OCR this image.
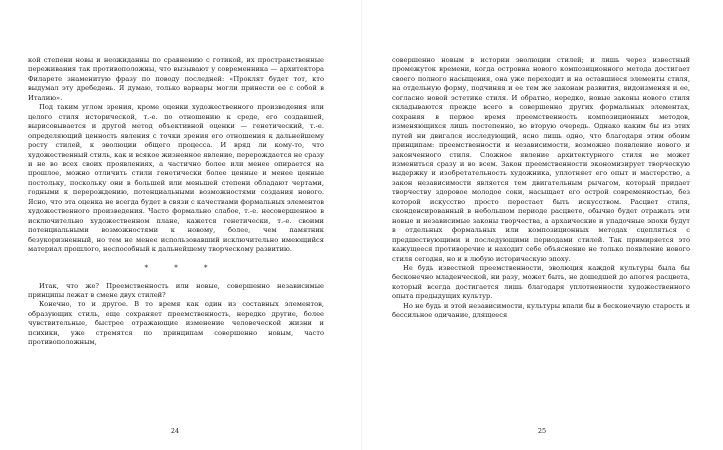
кой степени новы и неожиданны по сравнению с готикой, их пространственные переживания так противоположны, что вызывают у современника — архитектора Филарете знаменитую фразу по поводу последней: «Проклят будет тот, кто выдумал эту дребедень. Я думаю, только варвары могли принести ее с собой в Италию».

Под таким углом зрения, кроме оценки художественного произведения или целого стиля исторической, т.-е. по отношению к среде, его создавшей, вырисовывается и другой метод объективной оценки — генетический, т.-е. определяющий ценность явления с точки зрения его отношения к дальнейшему росту стилей, к эволюции общего процесса. И вряд ли кому-то, что художественный стиль, как и всякое жизненное явление, перерождается не сразу и не во всех своих проявлениях, а частично более или менее опирается на прошлое, можно отличить стили генетически более ценные и менее ценные постольку, поскольку они в большей или меньшей степени обладают чертами, годными к перерождению, потенциальными возможностями создания нового. Ясно, что эта оценка не всегда будет в связи с качествами формальных элементов художественного произведения. Часто формально слабое, т.-е. несовершенное в исключительно художественном плане, кажется генетически, т.-е. своими потенциальными возможностями к новому, более, чем памятник безукоризненный, но тем не менее использовавший исключительно имеющийся материал прошлого, неспособный к дальнейшему творческому развитию.

* * *

Итак, что же? Преемственность или новые, совершенно независимые принципы лежат в смене двух стилей?

Конечно, то и другое. В то время как один из составных элементов, образующих стиль, еще сохраняет преемственность, нередко другие, более чувствительные, быстрее отражающие изменение человеческой жизни и психики, уже стремятся по принципам совершенно новым, часто противоположным,

24

совершенно новым в истории эволюции стилей; и лишь через известный промежуток времени, когда островна нового композиционного метода достигает своего полного насыщения, она уже переходит и на оставшиеся элементы стиля, на отдельную форму, подчиняя и ее тем же законам развития, видоизменяя и ее, согласно новой эстетике стиля. И обратно, нередко, новые законы нового стиля складываются прежде всего в совершенно других формальных элементах, сохраняя в первое время преемственность композиционных методов, изменяющихся лишь постепенно, во вторую очередь. Однако каким бы из этих путей ни двигался исследующий, ясно лишь одно, что благодаря этим обоим принципам: преемственности и независимости, возможно появление нового и законченного стиля. Сложное явление архитектурного стиля не может измениться сразу и во всем. Закон преемственности экономизирует творческую выдержку и изобретательность художника, уплотняет его опыт и мастерство, а закон независимости является тем двигательным рычагом, который придает творчеству здоровое молодое соки, насыщает его острой современностью, без которой искусство просто перестает быть искусством. Расцвет стиля, сконденсированный в небольшом периоде расцвете, обычно будет отражать эти новые и независимые законы творчества, а архаические и упадочные эпохи будут в отдельных формальных или композиционных методах сцепляться с предшествующими и последующими периодами стилей. Так примиряется это кажущееся противоречие и находит себе объяснение не только появление нового стиля сегодня, но и в любую историческую эпоху.

Не будь известной преемственности, эволюция каждой культуры была бы бесконечно младенческой, ни разу, может быть, не дошедшей до апогея расцвета, который всегда достигается лишь благодаря уплотненности художественного опыта предыдущих культур.

Но не будь и этой независимости, культуры впали бы в бесконечную старость и бессильное одичание, длящееся

25
